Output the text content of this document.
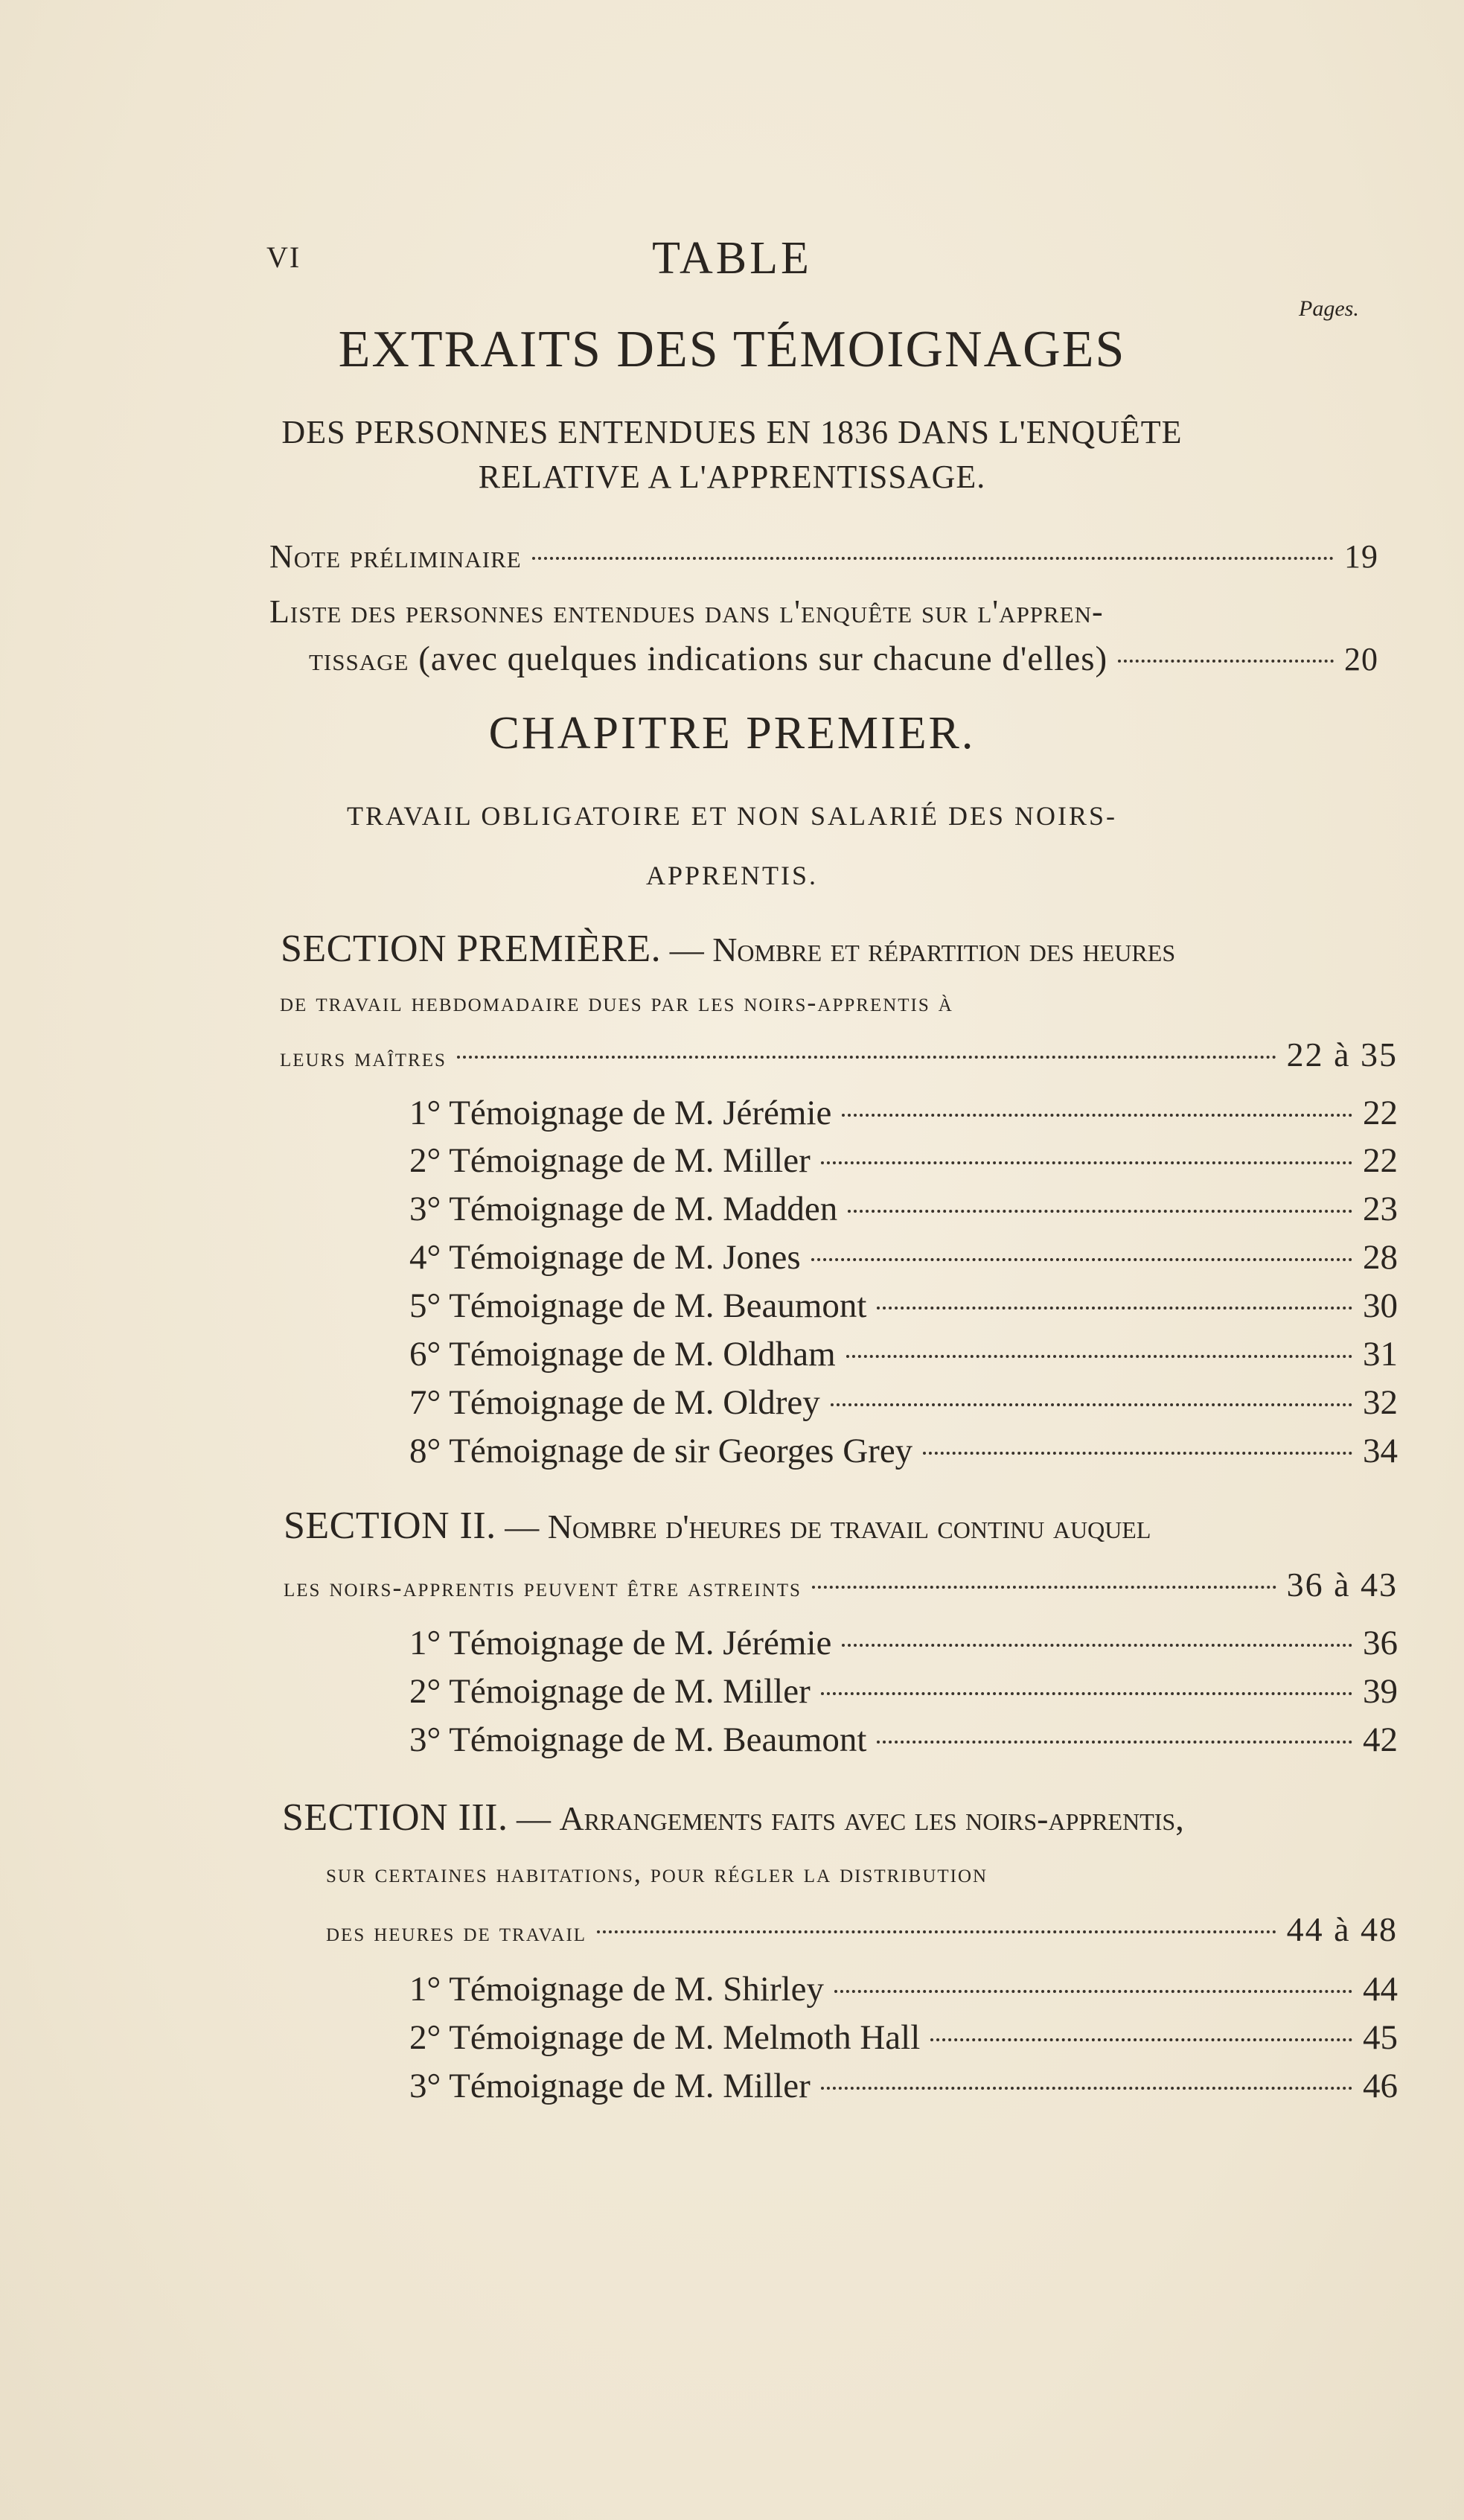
VI	TABLE
Pages.
EXTRAITS DES TÉMOIGNAGES
DES PERSONNES ENTENDUES EN 1836 DANS L'ENQUÊTE
RELATIVE A L'APPRENTISSAGE.
Note préliminaire	19
Liste des personnes entendues dans l'enquête sur l'appren-
tissage (avec quelques indications sur chacune d'elles)	20
CHAPITRE PREMIER.
TRAVAIL OBLIGATOIRE ET NON SALARIÉ DES NOIRS-
APPRENTIS.
SECTION PREMIÈRE. — Nombre et répartition des heures
de travail hebdomadaire dues par les noirs-apprentis à
leurs maîtres	22 à 35
1° Témoignage de M. Jérémie	22
2° Témoignage de M. Miller	22
3° Témoignage de M. Madden	23
4° Témoignage de M. Jones	28
5° Témoignage de M. Beaumont	30
6° Témoignage de M. Oldham	31
7° Témoignage de M. Oldrey	32
8° Témoignage de sir Georges Grey	34
SECTION II. — Nombre d'heures de travail continu auquel
les noirs-apprentis peuvent être astreints	36 à 43
1° Témoignage de M. Jérémie	36
2° Témoignage de M. Miller	39
3° Témoignage de M. Beaumont	42
SECTION III. — Arrangements faits avec les noirs-apprentis,
sur certaines habitations, pour régler la distribution
des heures de travail	44 à 48
1° Témoignage de M. Shirley	44
2° Témoignage de M. Melmoth Hall	45
3° Témoignage de M. Miller	46
